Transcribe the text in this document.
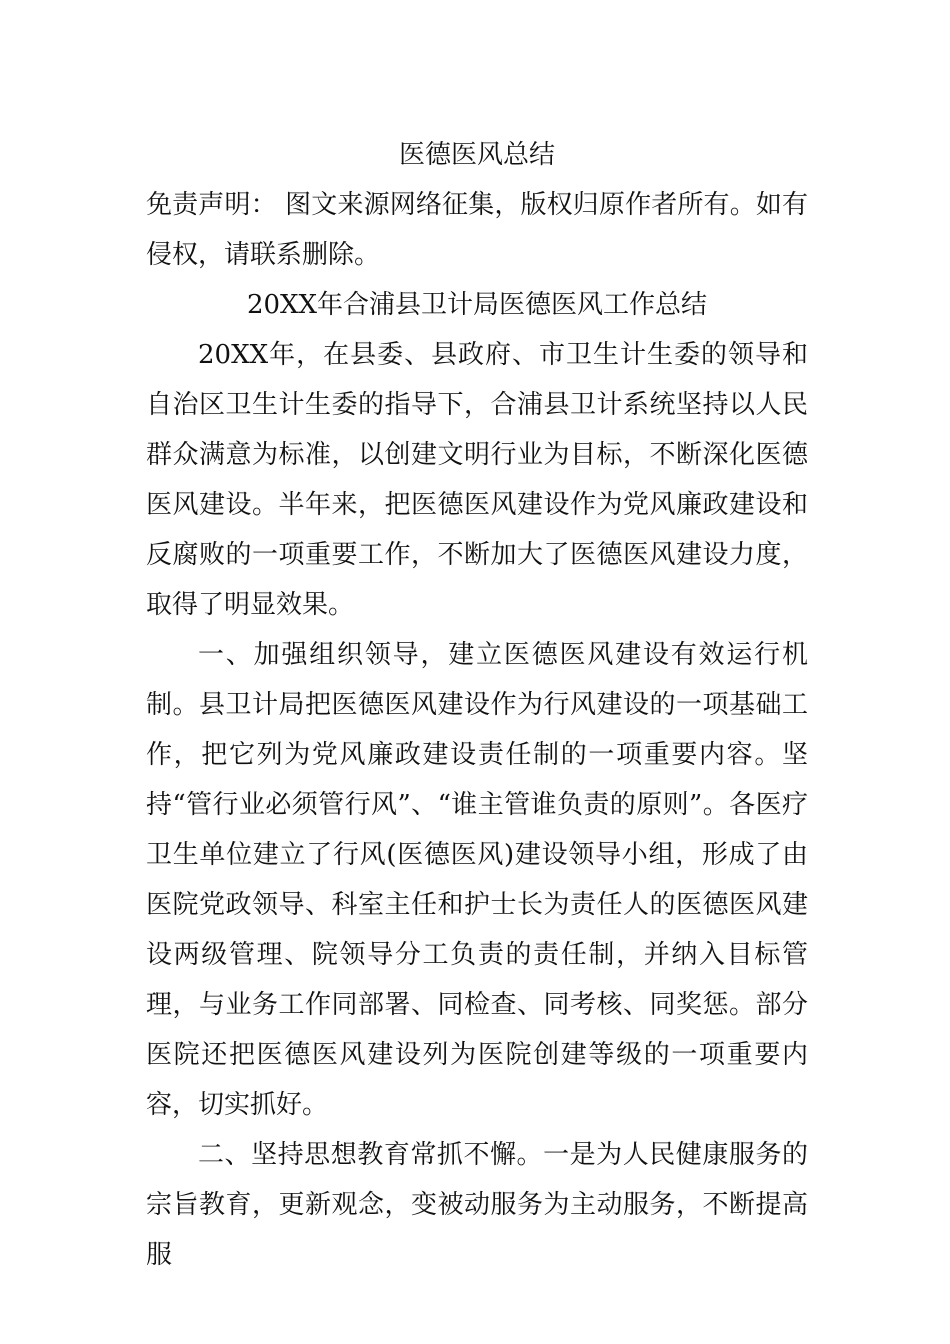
医德医风总结

免责声明： 图文来源网络征集，版权归原作者所有。如有侵权，请联系删除。

20XX年合浦县卫计局医德医风工作总结

20XX年，在县委、县政府、市卫生计生委的领导和自治区卫生计生委的指导下，合浦县卫计系统坚持以人民群众满意为标准，以创建文明行业为目标，不断深化医德医风建设。半年来，把医德医风建设作为党风廉政建设和反腐败的一项重要工作，不断加大了医德医风建设力度，取得了明显效果。

一、加强组织领导，建立医德医风建设有效运行机制。县卫计局把医德医风建设作为行风建设的一项基础工作，把它列为党风廉政建设责任制的一项重要内容。坚持“管行业必须管行风”、“谁主管谁负责的原则”。各医疗卫生单位建立了行风(医德医风)建设领导小组，形成了由医院党政领导、科室主任和护士长为责任人的医德医风建设两级管理、院领导分工负责的责任制，并纳入目标管理，与业务工作同部署、同检查、同考核、同奖惩。部分医院还把医德医风建设列为医院创建等级的一项重要内容，切实抓好。

二、坚持思想教育常抓不懈。一是为人民健康服务的宗旨教育，更新观念，变被动服务为主动服务，不断提高服
